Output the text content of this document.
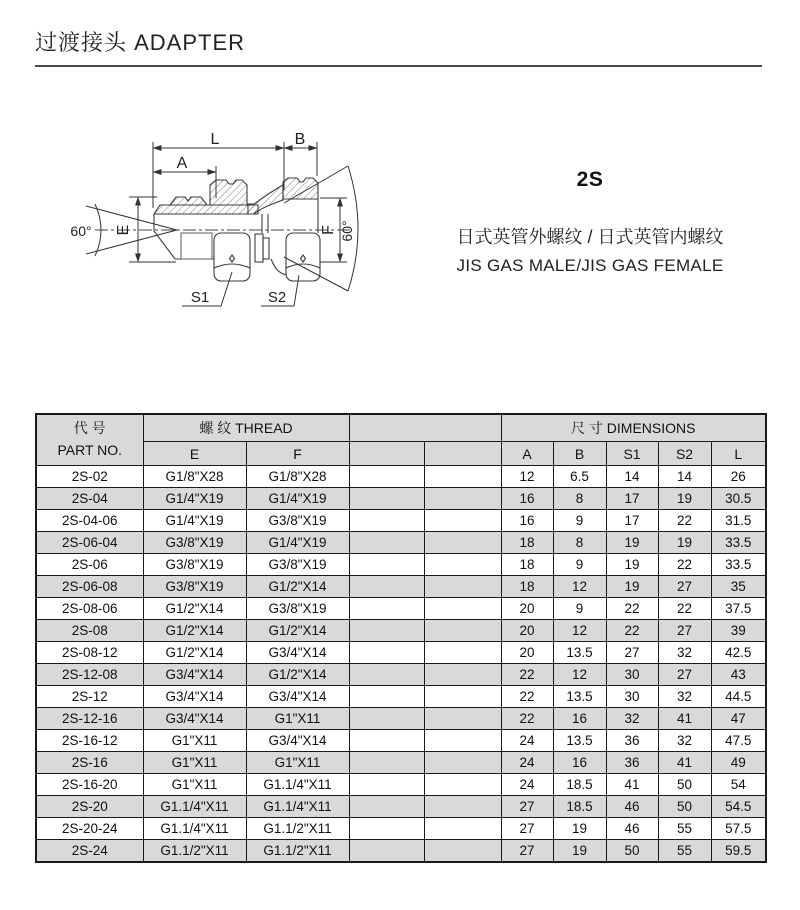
过渡接头 ADAPTER
L	B
A
E	F
60°	60°
S1	S2
2S
日式英管外螺纹 / 日式英管内螺纹
JIS GAS MALE/JIS GAS FEMALE
代 号
PART NO.	螺 纹 THREAD				尺 寸 DIMENSIONS				
	E	F			A	B	S1	S2	L
2S-02	G1/8"X28	G1/8"X28			12	6.5	14	14	26
2S-04	G1/4"X19	G1/4"X19			16	8	17	19	30.5
2S-04-06	G1/4"X19	G3/8"X19			16	9	17	22	31.5
2S-06-04	G3/8"X19	G1/4"X19			18	8	19	19	33.5
2S-06	G3/8"X19	G3/8"X19			18	9	19	22	33.5
2S-06-08	G3/8"X19	G1/2"X14			18	12	19	27	35
2S-08-06	G1/2"X14	G3/8"X19			20	9	22	22	37.5
2S-08	G1/2"X14	G1/2"X14			20	12	22	27	39
2S-08-12	G1/2"X14	G3/4"X14			20	13.5	27	32	42.5
2S-12-08	G3/4"X14	G1/2"X14			22	12	30	27	43
2S-12	G3/4"X14	G3/4"X14			22	13.5	30	32	44.5
2S-12-16	G3/4"X14	G1"X11			22	16	32	41	47
2S-16-12	G1"X11	G3/4"X14			24	13.5	36	32	47.5
2S-16	G1"X11	G1"X11			24	16	36	41	49
2S-16-20	G1"X11	G1.1/4"X11			24	18.5	41	50	54
2S-20	G1.1/4"X11	G1.1/4"X11			27	18.5	46	50	54.5
2S-20-24	G1.1/4"X11	G1.1/2"X11			27	19	46	55	57.5
2S-24	G1.1/2"X11	G1.1/2"X11			27	19	50	55	59.5
